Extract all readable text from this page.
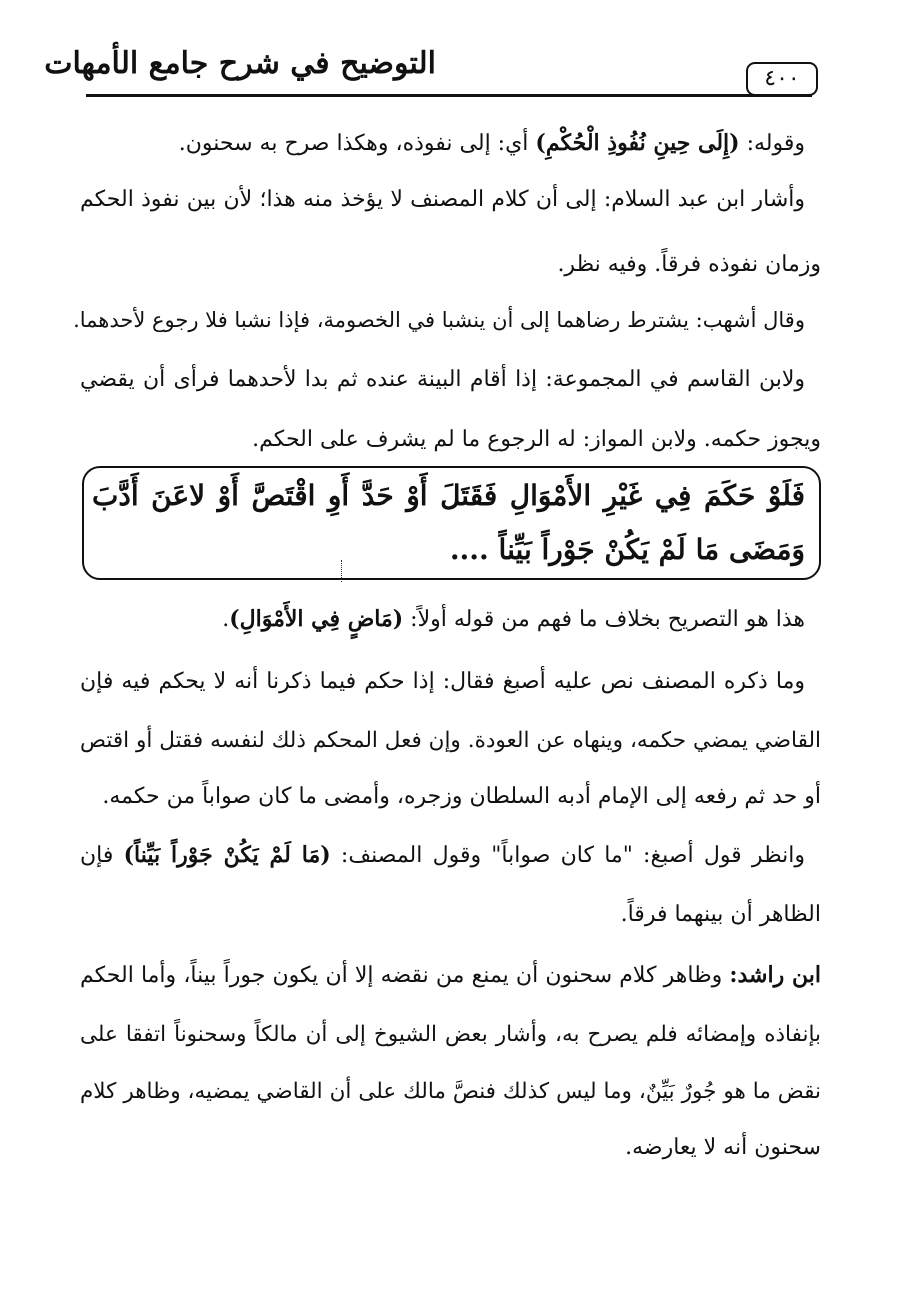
التوضيح في شرح جامع الأمهات	٤٠٠
وقوله: (إِلَى حِينِ نُفُوذِ الْحُكْمِ) أي: إلى نفوذه، وهكذا صرح به سحنون.
وأشار ابن عبد السلام: إلى أن كلام المصنف لا يؤخذ منه هذا؛ لأن بين نفوذ الحكم
وزمان نفوذه فرقاً. وفيه نظر.
وقال أشهب: يشترط رضاهما إلى أن ينشبا في الخصومة، فإذا نشبا فلا رجوع لأحدهما.
ولابن القاسم في المجموعة: إذا أقام البينة عنده ثم بدا لأحدهما فرأى أن يقضي
ويجوز حكمه. ولابن المواز: له الرجوع ما لم يشرف على الحكم.
فَلَوْ حَكَمَ فِي غَيْرِ الأَمْوَالِ فَقَتَلَ أَوْ حَدَّ أَوِ اقْتَصَّ أَوْ لاعَنَ أَدَّبَ
وَمَضَى مَا لَمْ يَكُنْ جَوْراً بَيِّناً ....
هذا هو التصريح بخلاف ما فهم من قوله أولاً: (مَاضٍ فِي الأَمْوَالِ).
وما ذكره المصنف نص عليه أصبغ فقال: إذا حكم فيما ذكرنا أنه لا يحكم فيه فإن
القاضي يمضي حكمه، وينهاه عن العودة. وإن فعل المحكم ذلك لنفسه فقتل أو اقتص
أو حد ثم رفعه إلى الإمام أدبه السلطان وزجره، وأمضى ما كان صواباً من حكمه.
وانظر قول أصبغ: "ما كان صواباً" وقول المصنف: (مَا لَمْ يَكُنْ جَوْراً بَيِّناً) فإن
الظاهر أن بينهما فرقاً.
ابن راشد: وظاهر كلام سحنون أن يمنع من نقضه إلا أن يكون جوراً بيناً، وأما الحكم
بإنفاذه وإمضائه فلم يصرح به، وأشار بعض الشيوخ إلى أن مالكاً وسحنوناً اتفقا على
نقض ما هو جُورٌ بَيِّنٌ، وما ليس كذلك فنصَّ مالك على أن القاضي يمضيه، وظاهر كلام
سحنون أنه لا يعارضه.
